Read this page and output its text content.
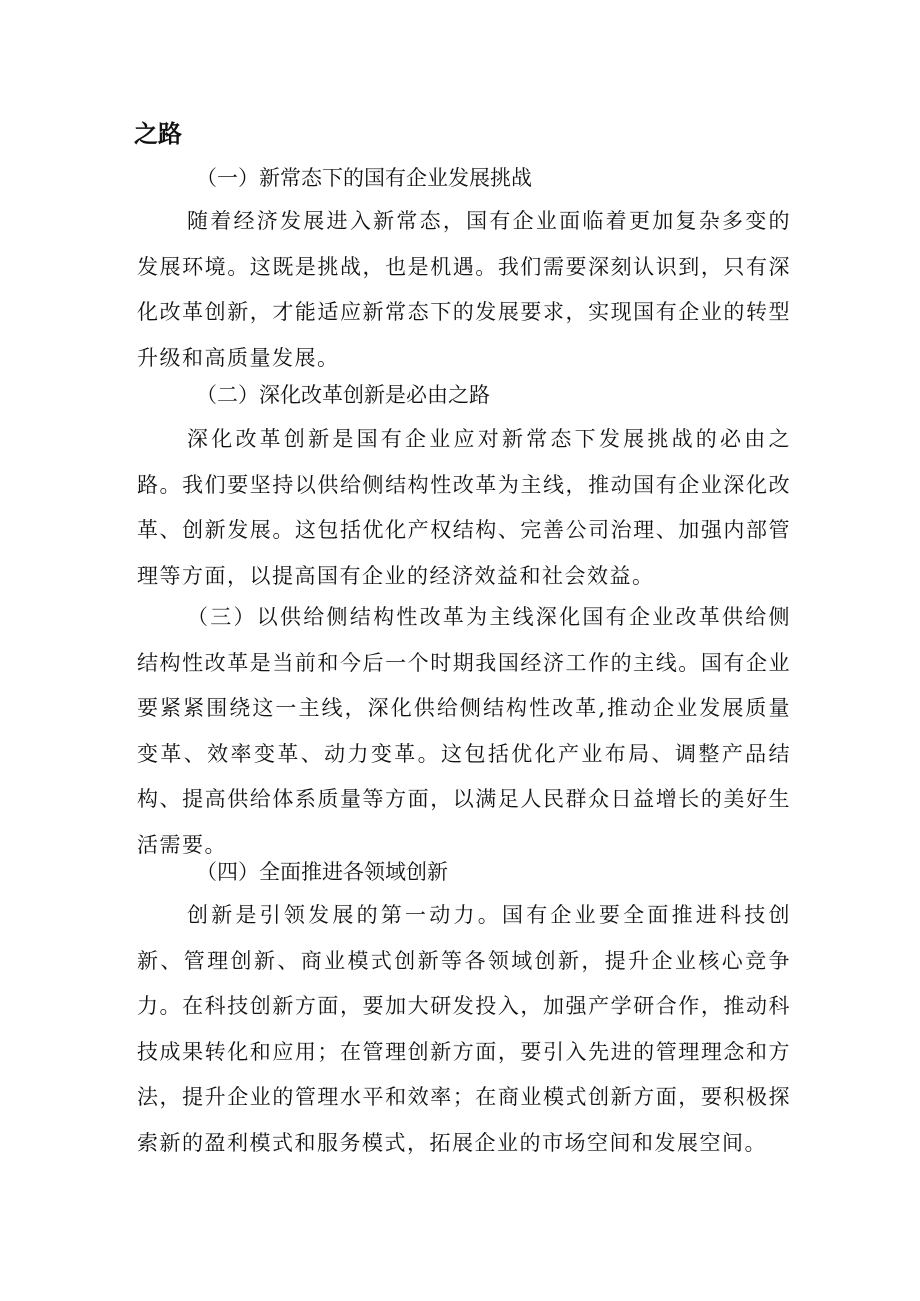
之路
（一）新常态下的国有企业发展挑战

随着经济发展进入新常态，国有企业面临着更加复杂多变的发展环境。这既是挑战，也是机遇。我们需要深刻认识到，只有深化改革创新，才能适应新常态下的发展要求，实现国有企业的转型升级和高质量发展。

（二）深化改革创新是必由之路

深化改革创新是国有企业应对新常态下发展挑战的必由之路。我们要坚持以供给侧结构性改革为主线，推动国有企业深化改革、创新发展。这包括优化产权结构、完善公司治理、加强内部管理等方面，以提高国有企业的经济效益和社会效益。

（三）以供给侧结构性改革为主线深化国有企业改革供给侧结构性改革是当前和今后一个时期我国经济工作的主线。国有企业要紧紧围绕这一主线，深化供给侧结构性改革,推动企业发展质量变革、效率变革、动力变革。这包括优化产业布局、调整产品结构、提高供给体系质量等方面，以满足人民群众日益增长的美好生活需要。

（四）全面推进各领域创新

创新是引领发展的第一动力。国有企业要全面推进科技创新、管理创新、商业模式创新等各领域创新，提升企业核心竞争力。在科技创新方面，要加大研发投入，加强产学研合作，推动科技成果转化和应用；在管理创新方面，要引入先进的管理理念和方法，提升企业的管理水平和效率；在商业模式创新方面，要积极探索新的盈利模式和服务模式，拓展企业的市场空间和发展空间。
